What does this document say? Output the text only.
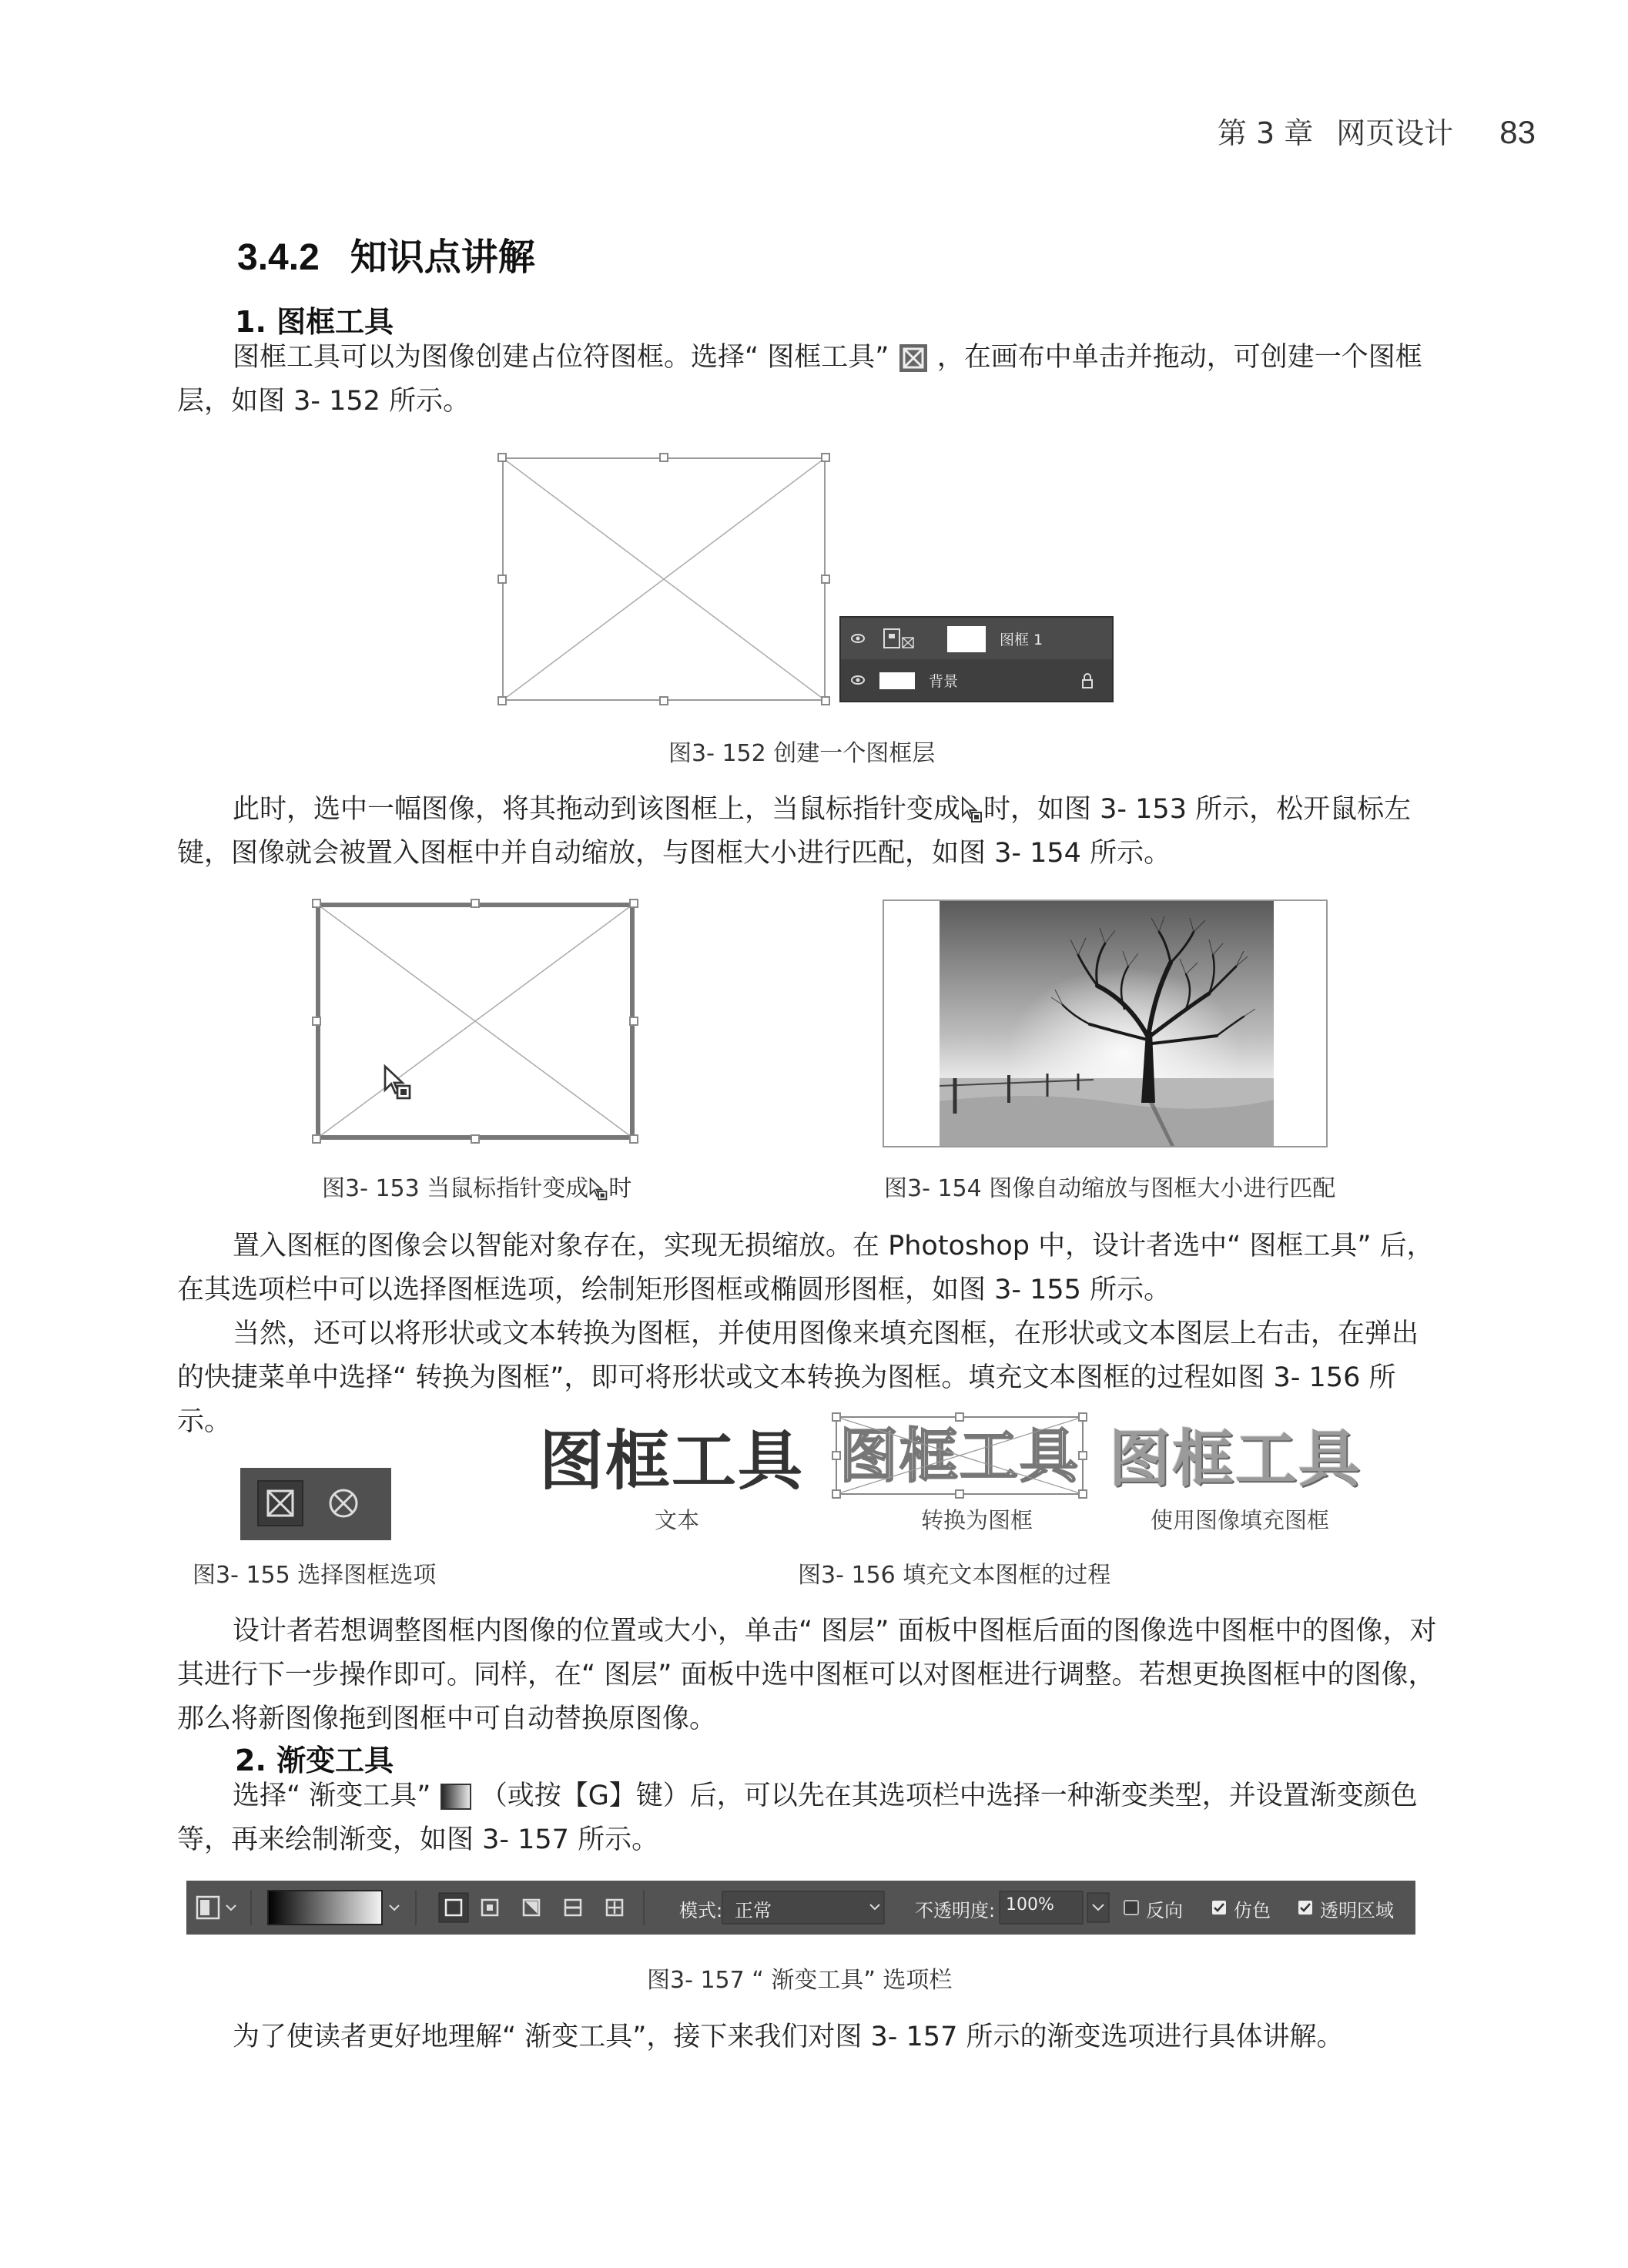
第 3 章 网页设计 83
3.4.2 知识点讲解
1. 图框工具
图框工具可以为图像创建占位符图框。选择“ 图框工具” ，在画布中单击并拖动，可创建一个图框层，如图 3- 152 所示。
图框 1
背景
图3- 152 创建一个图框层
此时，选中一幅图像，将其拖动到该图框上，当鼠标指针变成 时，如图 3- 153 所示，松开鼠标左键，图像就会被置入图框中并自动缩放，与图框大小进行匹配，如图 3- 154 所示。
图3- 153 当鼠标指针变成 时	图3- 154 图像自动缩放与图框大小进行匹配
置入图框的图像会以智能对象存在，实现无损缩放。在 Photoshop 中，设计者选中“ 图框工具” 后，在其选项栏中可以选择图框选项，绘制矩形图框或椭圆形图框，如图 3- 155 所示。
当然，还可以将形状或文本转换为图框，并使用图像来填充图框，在形状或文本图层上右击，在弹出的快捷菜单中选择“ 转换为图框”，即可将形状或文本转换为图框。填充文本图框的过程如图 3- 156 所示。
图框工具	图框工具
文本	转换为图框	使用图像填充图框
图3- 155 选择图框选项	图3- 156 填充文本图框的过程
设计者若想调整图框内图像的位置或大小，单击“ 图层” 面板中图框后面的图像选中图框中的图像，对其进行下一步操作即可。同样，在“ 图层” 面板中选中图框可以对图框进行调整。若想更换图框中的图像，那么将新图像拖到图框中可自动替换原图像。
2. 渐变工具
选择“ 渐变工具” （或按【G】键）后，可以先在其选项栏中选择一种渐变类型，并设置渐变颜色等，再来绘制渐变，如图 3- 157 所示。
模式: 正常	不透明度: 100%	反向	仿色	透明区域
图3- 157 “ 渐变工具” 选项栏
为了使读者更好地理解“ 渐变工具”，接下来我们对图 3- 157 所示的渐变选项进行具体讲解。
